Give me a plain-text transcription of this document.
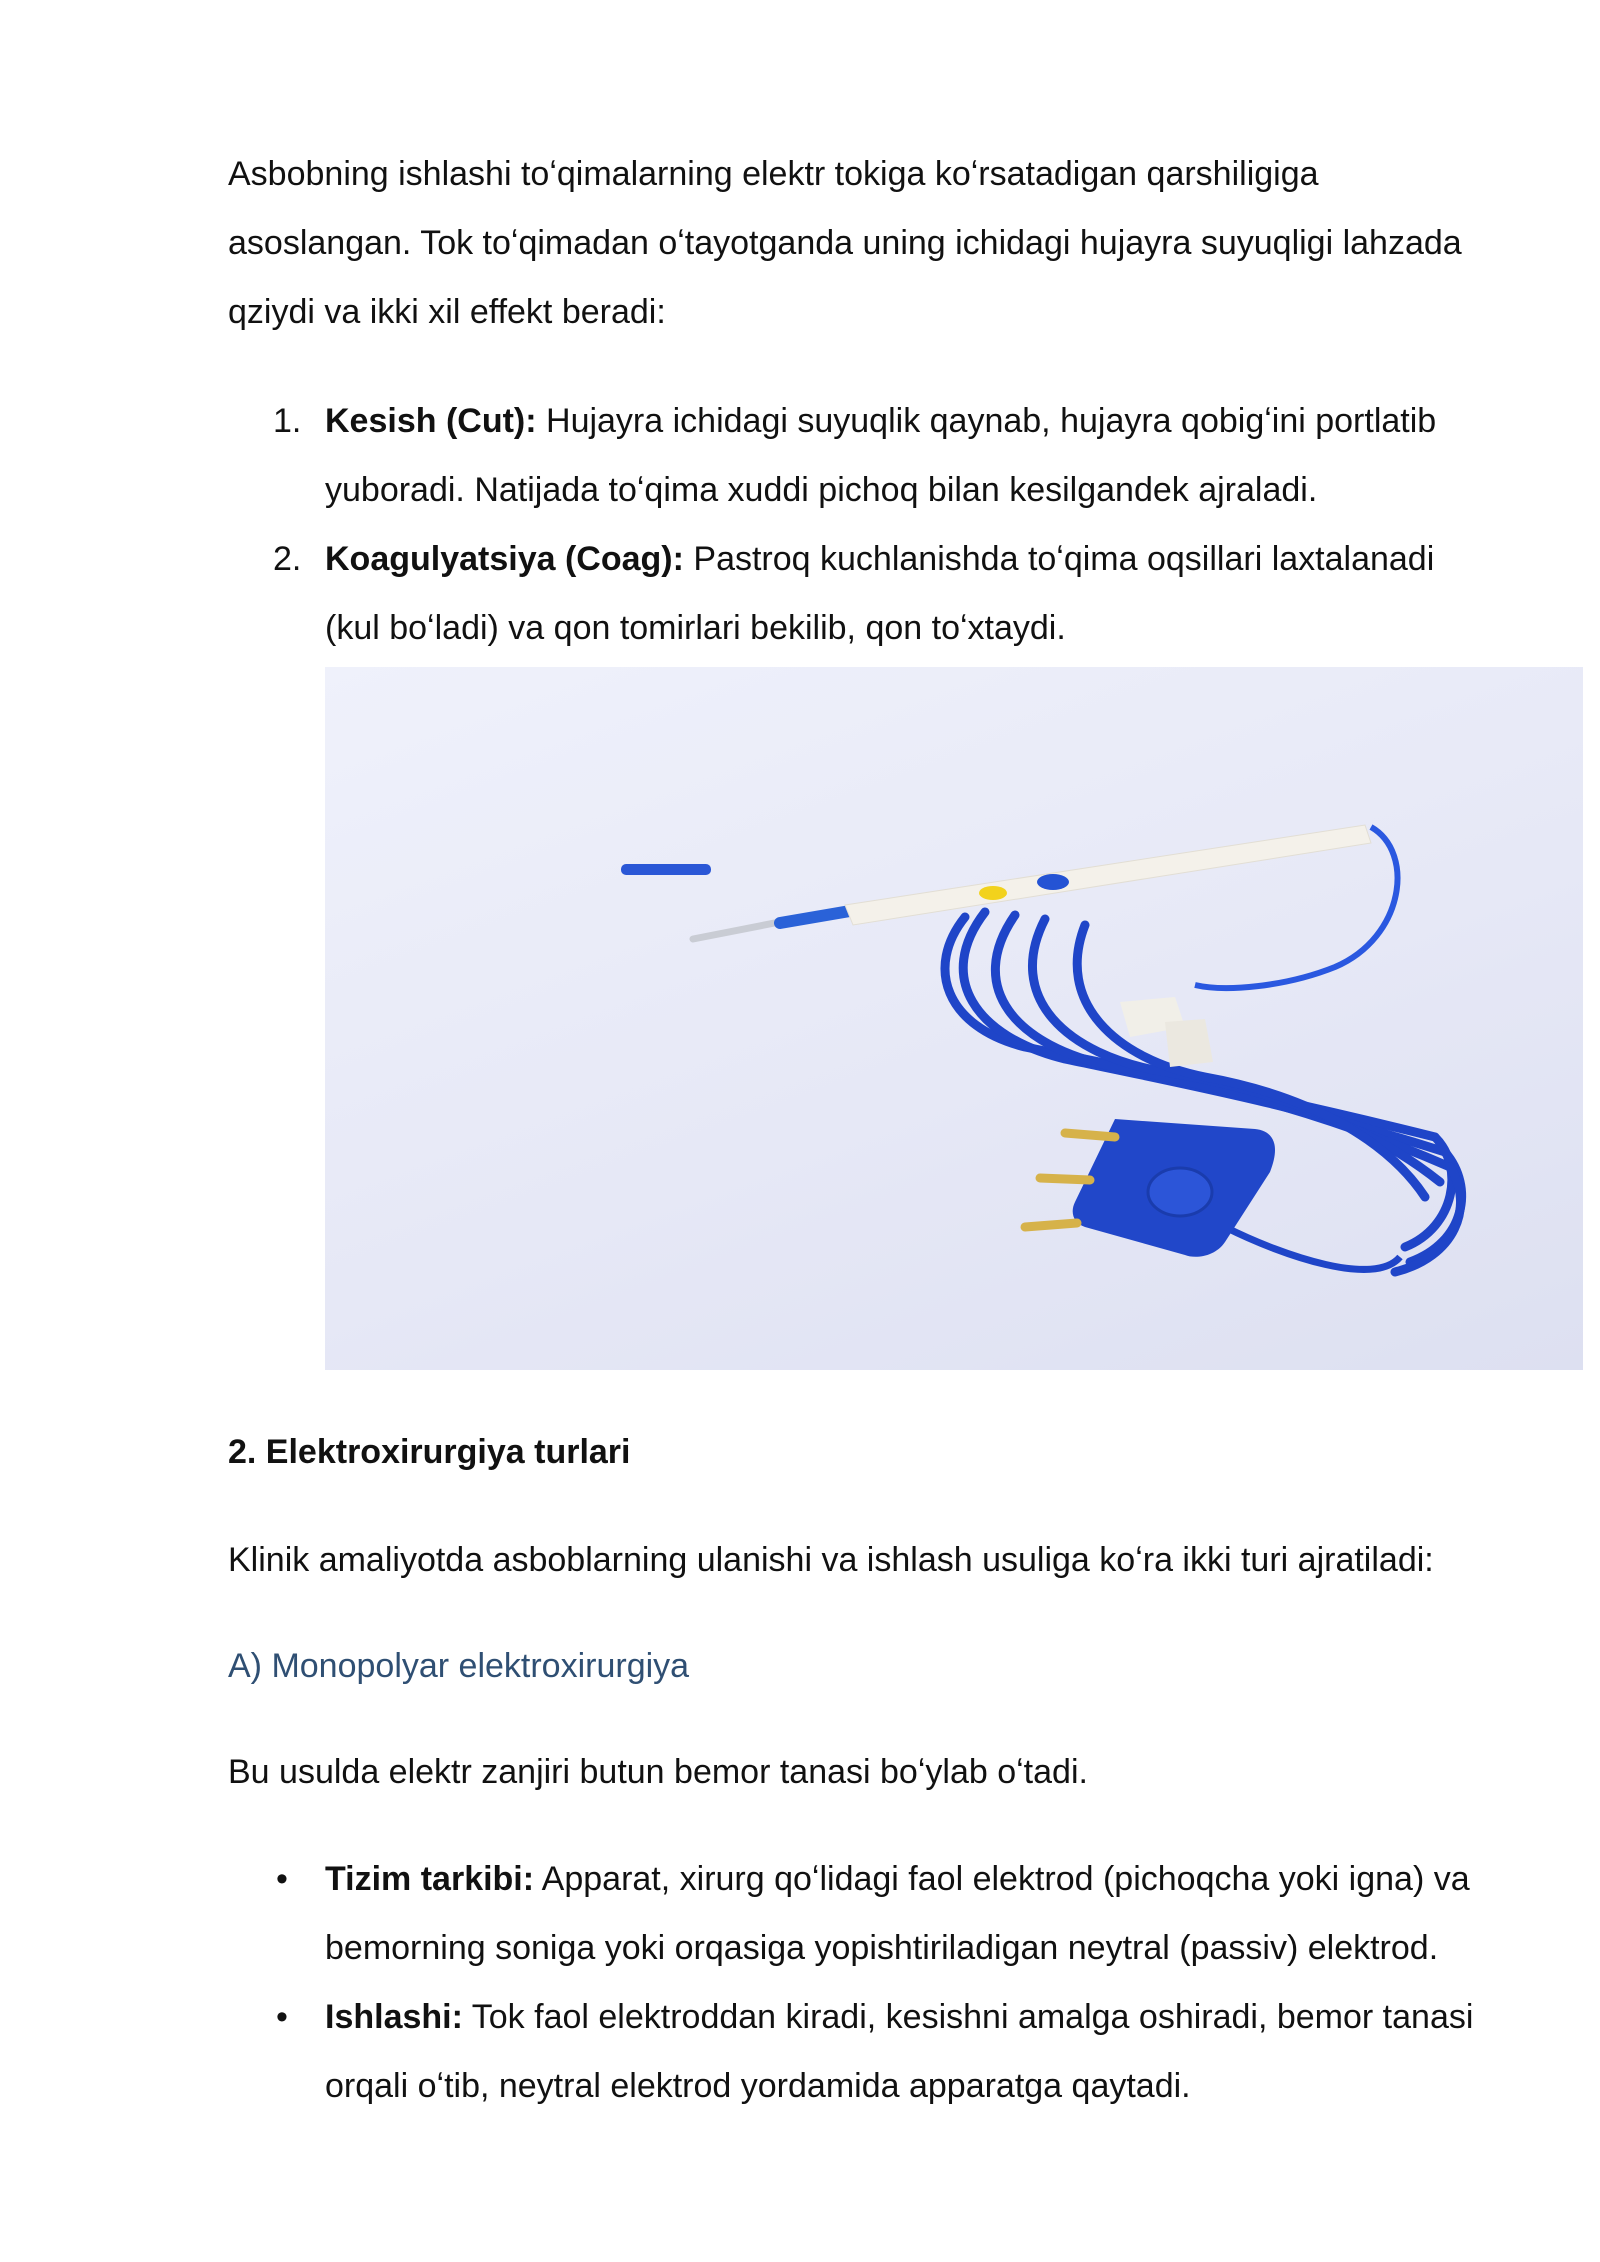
Asbobning ishlashi toʻqimalarning elektr tokiga koʻrsatadigan qarshiligiga asoslangan. Tok toʻqimadan oʻtayotganda uning ichidagi hujayra suyuqligi lahzada qziydi va ikki xil effekt beradi:
1. Kesish (Cut): Hujayra ichidagi suyuqlik qaynab, hujayra qobigʻini portlatib yuboradi. Natijada toʻqima xuddi pichoq bilan kesilgandek ajraladi.
2. Koagulyatsiya (Coag): Pastroq kuchlanishda toʻqima oqsillari laxtalanadi (kul boʻladi) va qon tomirlari bekilib, qon toʻxtaydi.
2. Elektroxirurgiya turlari
Klinik amaliyotda asboblarning ulanishi va ishlash usuliga koʻra ikki turi ajratiladi:
A) Monopolyar elektroxirurgiya
Bu usulda elektr zanjiri butun bemor tanasi boʻylab oʻtadi.
•	Tizim tarkibi: Apparat, xirurg qoʻlidagi faol elektrod (pichoqcha yoki igna) va bemorning soniga yoki orqasiga yopishtiriladigan neytral (passiv) elektrod.
•	Ishlashi: Tok faol elektroddan kiradi, kesishni amalga oshiradi, bemor tanasi orqali oʻtib, neytral elektrod yordamida apparatga qaytadi.
